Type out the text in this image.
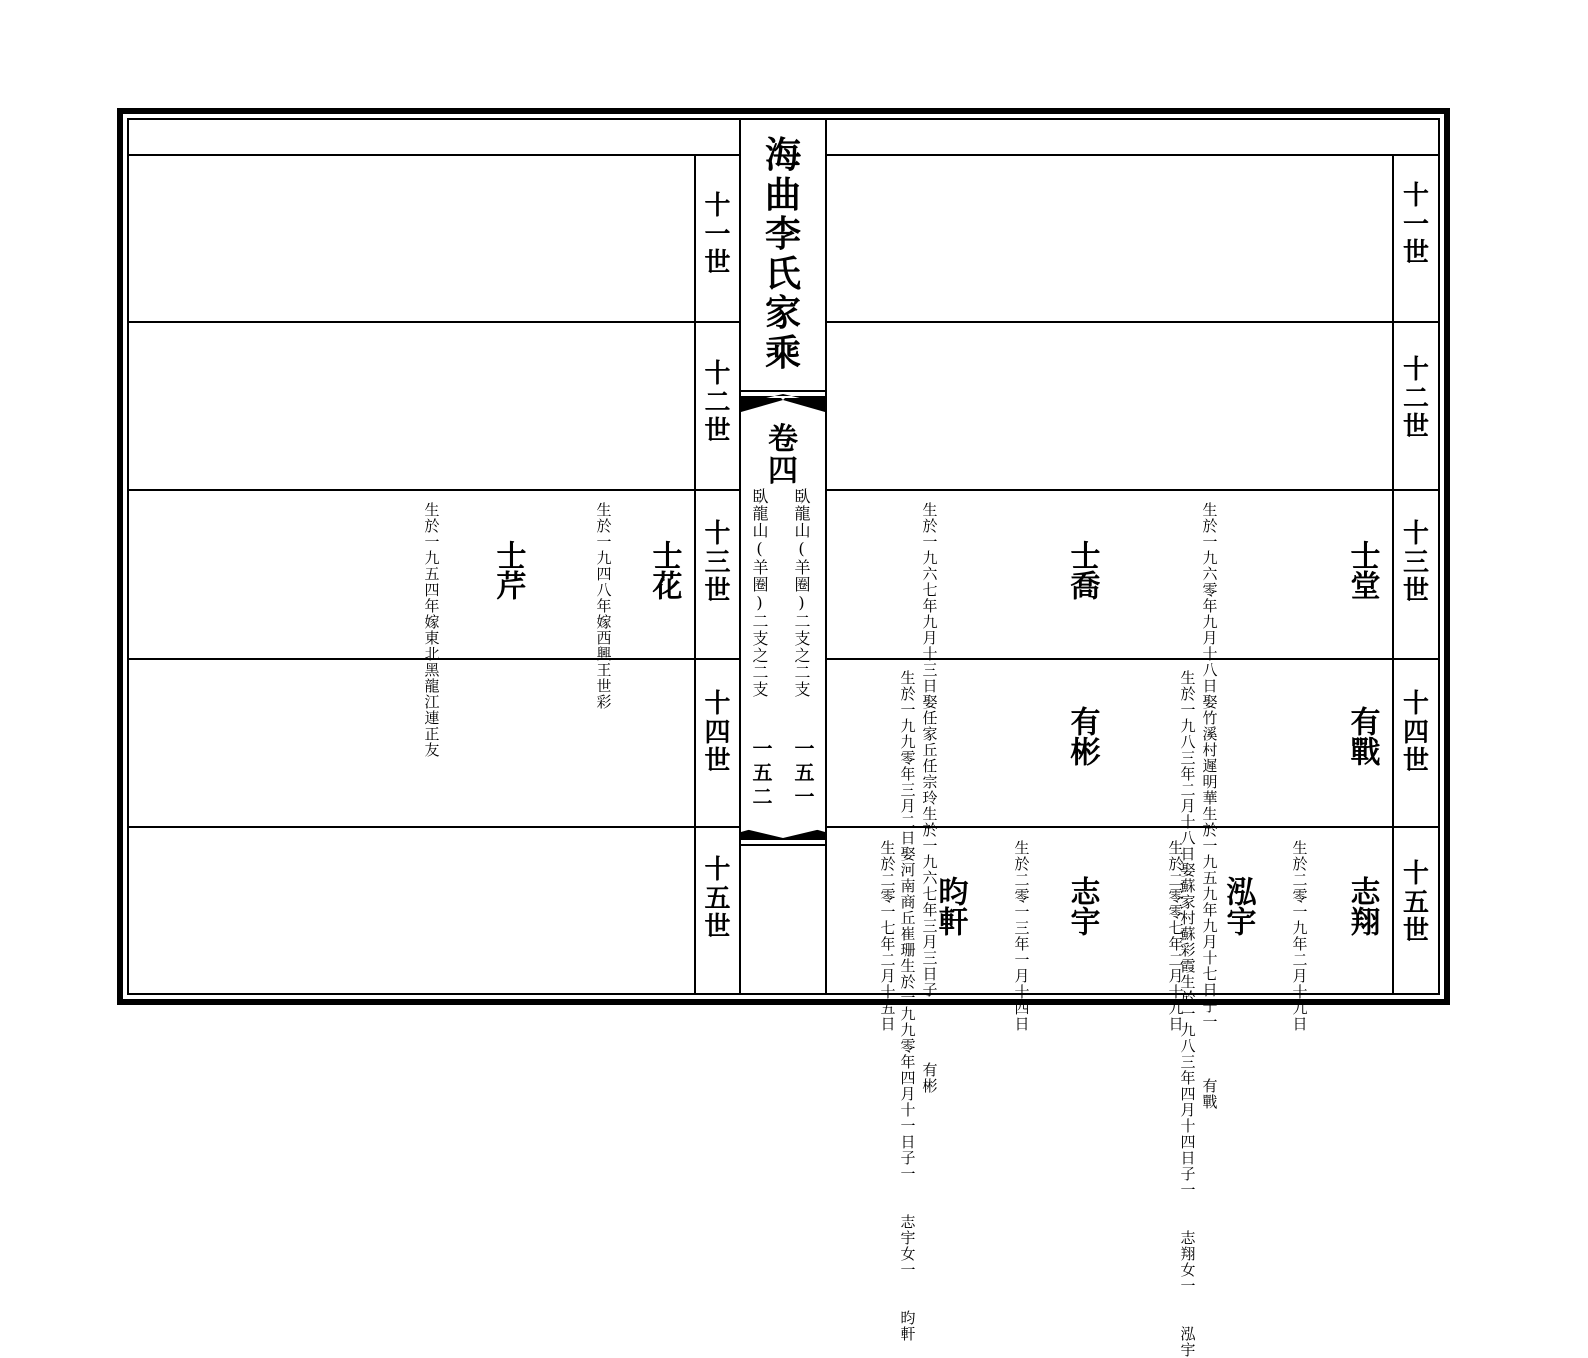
海
曲
李
氏
家
乘
卷
四
臥龍山(羊圈)二支之二支
臥龍山(羊圈)二支之二支
一五一
一五二
十
一
世
十
二
世
十
三
世
十
四
世
十
五
世
十
一
世
十
二
世
十
三
世
十
四
世
十
五
世
士堂
生於一九六零年
九月十八日娶竹
溪村遲明華生於
一九五九年九月
十七日
子一　　　有戰
士喬
生於一九六七年
九月十三日娶任
家丘任宗玲生於
一九六七年三月
三日
子一　　　有彬
士花
生於一九四八年
嫁西興王世彩
士芹
生於一九五四年
嫁東北黑龍江連
正友	有戰
生於一九八三年
二月十八日娶蘇
家村蘇彩霞生於
一九八三年四月
十四日
子一　　志翔
女一　　泓宇
有彬
生於一九九零年
三月二日娶河南
商丘崔珊生於一
九九零年四月十
一日
子一　　志宇
女一　　昀軒
志翔
生於二零一九年
二月十九日
泓宇
生於二零零七年
二月十九日
志宇
生於二零一三年
一月十四日
昀軒
生於二零一七年
二月十五日
